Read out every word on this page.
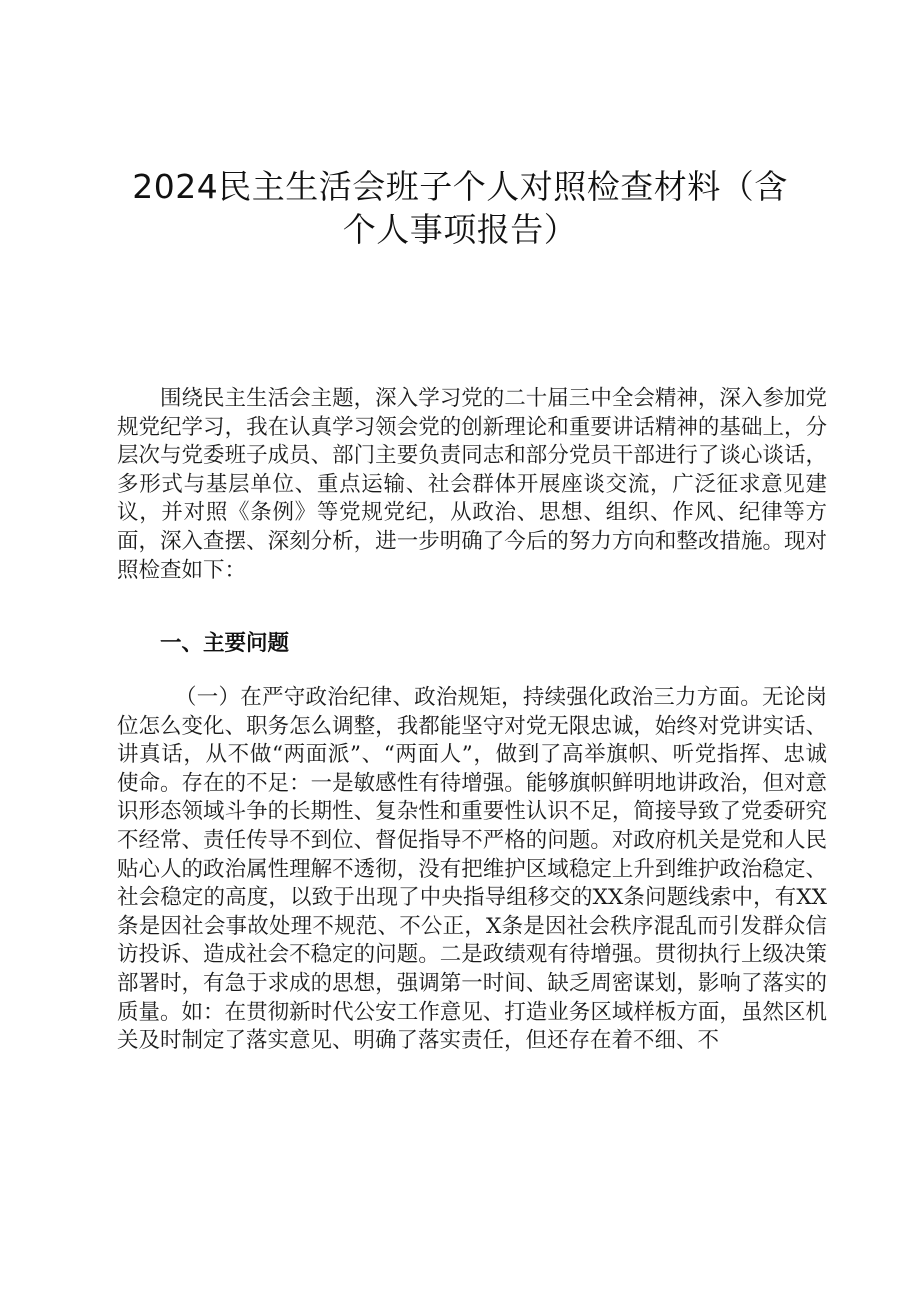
2024民主生活会班子个人对照检查材料（含
个人事项报告）

围绕民主生活会主题，深入学习党的二十届三中全会精神，深入参加党规党纪学习，我在认真学习领会党的创新理论和重要讲话精神的基础上，分层次与党委班子成员、部门主要负责同志和部分党员干部进行了谈心谈话，多形式与基层单位、重点运输、社会群体开展座谈交流，广泛征求意见建议，并对照《条例》等党规党纪，从政治、思想、组织、作风、纪律等方面，深入查摆、深刻分析，进一步明确了今后的努力方向和整改措施。现对照检查如下：

一、主要问题

（一）在严守政治纪律、政治规矩，持续强化政治三力方面。无论岗位怎么变化、职务怎么调整，我都能坚守对党无限忠诚，始终对党讲实话、讲真话，从不做“两面派”、“两面人”，做到了高举旗帜、听党指挥、忠诚使命。存在的不足：一是敏感性有待增强。能够旗帜鲜明地讲政治，但对意识形态领域斗争的长期性、复杂性和重要性认识不足，简接导致了党委研究不经常、责任传导不到位、督促指导不严格的问题。对政府机关是党和人民贴心人的政治属性理解不透彻，没有把维护区域稳定上升到维护政治稳定、社会稳定的高度，以致于出现了中央指导组移交的XX条问题线索中，有XX条是因社会事故处理不规范、不公正，X条是因社会秩序混乱而引发群众信访投诉、造成社会不稳定的问题。二是政绩观有待增强。贯彻执行上级决策部署时，有急于求成的思想，强调第一时间、缺乏周密谋划，影响了落实的质量。如：在贯彻新时代公安工作意见、打造业务区域样板方面，虽然区机关及时制定了落实意见、明确了落实责任，但还存在着不细、不
